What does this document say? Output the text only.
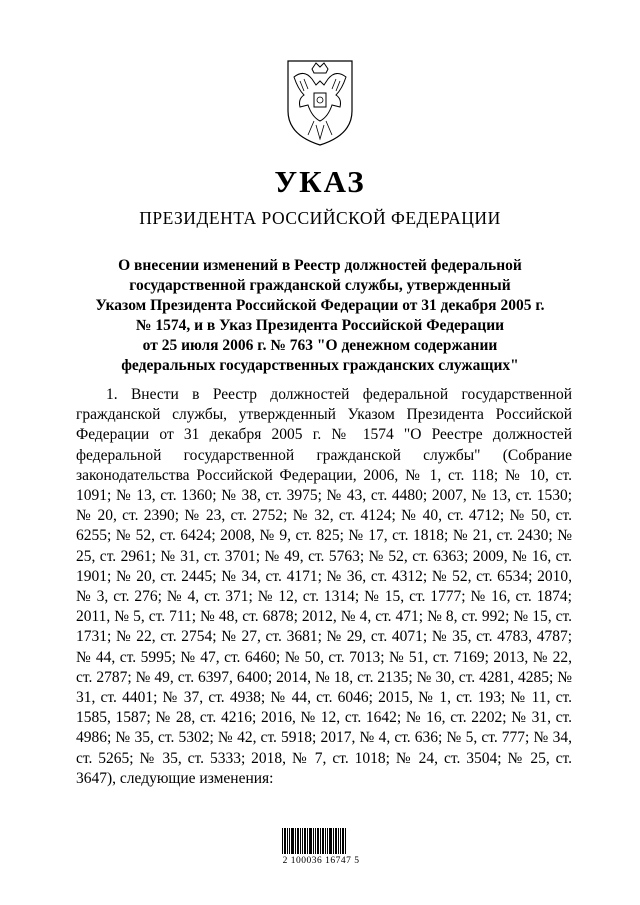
УКАЗ
ПРЕЗИДЕНТА РОССИЙСКОЙ ФЕДЕРАЦИИ
О внесении изменений в Реестр должностей федеральной
государственной гражданской службы, утвержденный
Указом Президента Российской Федерации от 31 декабря 2005 г.
№ 1574, и в Указ Президента Российской Федерации
от 25 июля 2006 г. № 763 "О денежном содержании
федеральных государственных гражданских служащих"

1. Внести в Реестр должностей федеральной государственной гражданской службы, утвержденный Указом Президента Российской Федерации от 31 декабря 2005 г. № 1574 "О Реестре должностей федеральной государственной гражданской службы" (Собрание законодательства Российской Федерации, 2006, № 1, ст. 118; № 10, ст. 1091; № 13, ст. 1360; № 38, ст. 3975; № 43, ст. 4480; 2007, № 13, ст. 1530; № 20, ст. 2390; № 23, ст. 2752; № 32, ст. 4124; № 40, ст. 4712; № 50, ст. 6255; № 52, ст. 6424; 2008, № 9, ст. 825; № 17, ст. 1818; № 21, ст. 2430; № 25, ст. 2961; № 31, ст. 3701; № 49, ст. 5763; № 52, ст. 6363; 2009, № 16, ст. 1901; № 20, ст. 2445; № 34, ст. 4171; № 36, ст. 4312; № 52, ст. 6534; 2010, № 3, ст. 276; № 4, ст. 371; № 12, ст. 1314; № 15, ст. 1777; № 16, ст. 1874; 2011, № 5, ст. 711; № 48, ст. 6878; 2012, № 4, ст. 471; № 8, ст. 992; № 15, ст. 1731; № 22, ст. 2754; № 27, ст. 3681; № 29, ст. 4071; № 35, ст. 4783, 4787; № 44, ст. 5995; № 47, ст. 6460; № 50, ст. 7013; № 51, ст. 7169; 2013, № 22, ст. 2787; № 49, ст. 6397, 6400; 2014, № 18, ст. 2135; № 30, ст. 4281, 4285; № 31, ст. 4401; № 37, ст. 4938; № 44, ст. 6046; 2015, № 1, ст. 193; № 11, ст. 1585, 1587; № 28, ст. 4216; 2016, № 12, ст. 1642; № 16, ст. 2202; № 31, ст. 4986; № 35, ст. 5302; № 42, ст. 5918; 2017, № 4, ст. 636; № 5, ст. 777; № 34, ст. 5265; № 35, ст. 5333; 2018, № 7, ст. 1018; № 24, ст. 3504; № 25, ст. 3647), следующие изменения:

2 100036 16747 5
